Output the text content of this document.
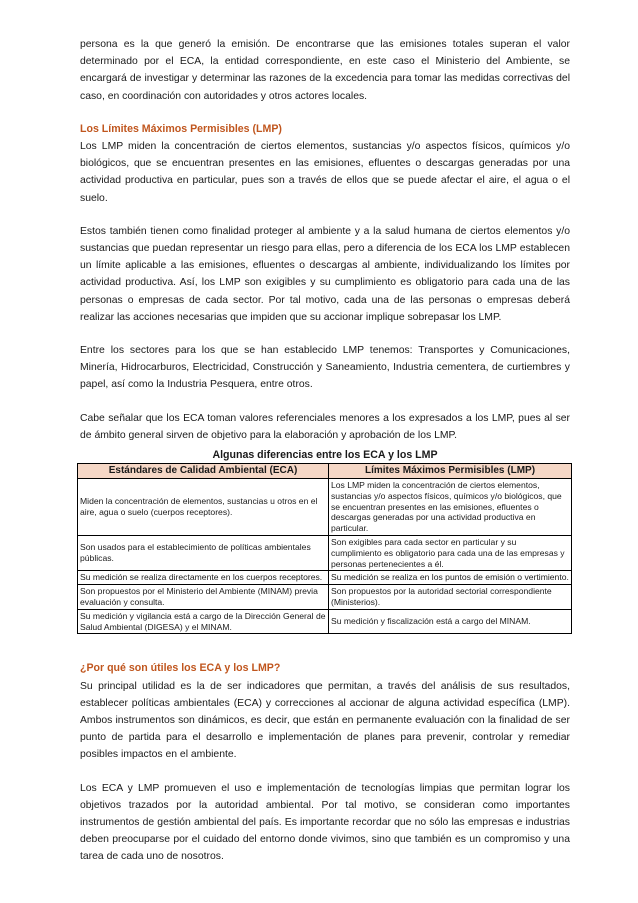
persona es la que generó la emisión. De encontrarse que las emisiones totales superan el valor determinado por el ECA, la entidad correspondiente, en este caso el Ministerio del Ambiente, se encargará de investigar y determinar las razones de la excedencia para tomar las medidas correctivas del caso, en coordinación con autoridades y otros actores locales.

Los Límites Máximos Permisibles (LMP)

Los LMP miden la concentración de ciertos elementos, sustancias y/o aspectos físicos, químicos y/o biológicos, que se encuentran presentes en las emisiones, efluentes o descargas generadas por una actividad productiva en particular, pues son a través de ellos que se puede afectar el aire, el agua o el suelo.

Estos también tienen como finalidad proteger al ambiente y a la salud humana de ciertos elementos y/o sustancias que puedan representar un riesgo para ellas, pero a diferencia de los ECA los LMP establecen un límite aplicable a las emisiones, efluentes o descargas al ambiente, individualizando los límites por actividad productiva. Así, los LMP son exigibles y su cumplimiento es obligatorio para cada una de las personas o empresas de cada sector. Por tal motivo, cada una de las personas o empresas deberá realizar las acciones necesarias que impiden que su accionar implique sobrepasar los LMP.

Entre los sectores para los que se han establecido LMP tenemos: Transportes y Comunicaciones, Minería, Hidrocarburos, Electricidad, Construcción y Saneamiento, Industria cementera, de curtiembres y papel, así como la Industria Pesquera, entre otros.

Cabe señalar que los ECA toman valores referenciales menores a los expresados a los LMP, pues al ser de ámbito general sirven de objetivo para la elaboración y aprobación de los LMP.

Algunas diferencias entre los ECA y los LMP
Estándares de Calidad Ambiental (ECA)	Límites Máximos Permisibles (LMP)
Miden la concentración de elementos, sustancias u otros en el aire, agua o suelo (cuerpos receptores).	Los LMP miden la concentración de ciertos elementos, sustancias y/o aspectos físicos, químicos y/o biológicos, que se encuentran presentes en las emisiones, efluentes o descargas generadas por una actividad productiva en particular.
Son usados para el establecimiento de políticas ambientales públicas.	Son exigibles para cada sector en particular y su cumplimiento es obligatorio para cada una de las empresas y personas pertenecientes a él.
Su medición se realiza directamente en los cuerpos receptores.	Su medición se realiza en los puntos de emisión o vertimiento.
Son propuestos por el Ministerio del Ambiente (MINAM) previa evaluación y consulta.	Son propuestos por la autoridad sectorial correspondiente (Ministerios).
Su medición y vigilancia está a cargo de la Dirección General de Salud Ambiental (DIGESA) y el MINAM.	Su medición y fiscalización está a cargo del MINAM.
¿Por qué son útiles los ECA y los LMP?

Su principal utilidad es la de ser indicadores que permitan, a través del análisis de sus resultados, establecer políticas ambientales (ECA) y correcciones al accionar de alguna actividad específica (LMP). Ambos instrumentos son dinámicos, es decir, que están en permanente evaluación con la finalidad de ser punto de partida para el desarrollo e implementación de planes para prevenir, controlar y remediar posibles impactos en el ambiente.

Los ECA y LMP promueven el uso e implementación de tecnologías limpias que permitan lograr los objetivos trazados por la autoridad ambiental. Por tal motivo, se consideran como importantes instrumentos de gestión ambiental del país. Es importante recordar que no sólo las empresas e industrias deben preocuparse por el cuidado del entorno donde vivimos, sino que también es un compromiso y una tarea de cada uno de nosotros.
